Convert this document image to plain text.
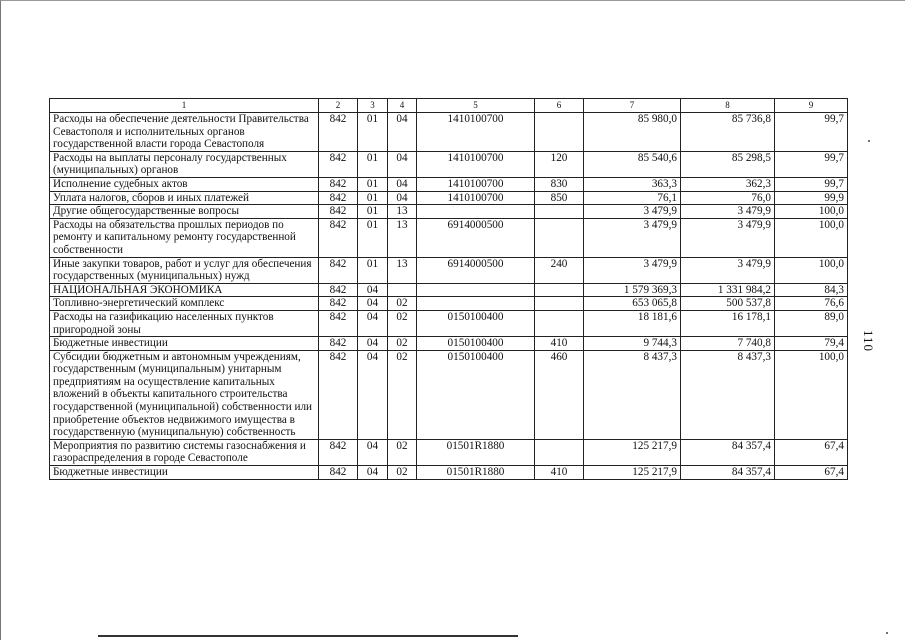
1	2	3	4	5	6	7	8	9
Расходы на обеспечение деятельности Правительства Севастополя и исполнительных органов государственной власти города Севастополя	842	01	04	1410100700		85 980,0	85 736,8	99,7
Расходы на выплаты персоналу государственных (муниципальных) органов	842	01	04	1410100700	120	85 540,6	85 298,5	99,7
Исполнение судебных актов	842	01	04	1410100700	830	363,3	362,3	99,7
Уплата налогов, сборов и иных платежей	842	01	04	1410100700	850	76,1	76,0	99,9
Другие общегосударственные вопросы	842	01	13			3 479,9	3 479,9	100,0
Расходы на обязательства прошлых периодов по ремонту и капитальному ремонту государственной собственности	842	01	13	6914000500		3 479,9	3 479,9	100,0
Иные закупки товаров, работ и услуг для обеспечения государственных (муниципальных) нужд	842	01	13	6914000500	240	3 479,9	3 479,9	100,0
НАЦИОНАЛЬНАЯ ЭКОНОМИКА	842	04				1 579 369,3	1 331 984,2	84,3
Топливно-энергетический комплекс	842	04	02			653 065,8	500 537,8	76,6
Расходы на газификацию населенных пунктов пригородной зоны	842	04	02	0150100400		18 181,6	16 178,1	89,0
Бюджетные инвестиции	842	04	02	0150100400	410	9 744,3	7 740,8	79,4
Субсидии бюджетным и автономным учреждениям, государственным (муниципальным) унитарным предприятиям на осуществление капитальных вложений в объекты капитального строительства государственной (муниципальной) собственности или приобретение объектов недвижимого имущества в государственную (муниципальную) собственность	842	04	02	0150100400	460	8 437,3	8 437,3	100,0
Мероприятия по развитию системы газоснабжения и газораспределения в городе Севастополе	842	04	02	01501R1880		125 217,9	84 357,4	67,4
Бюджетные инвестиции	842	04	02	01501R1880	410	125 217,9	84 357,4	67,4
110
